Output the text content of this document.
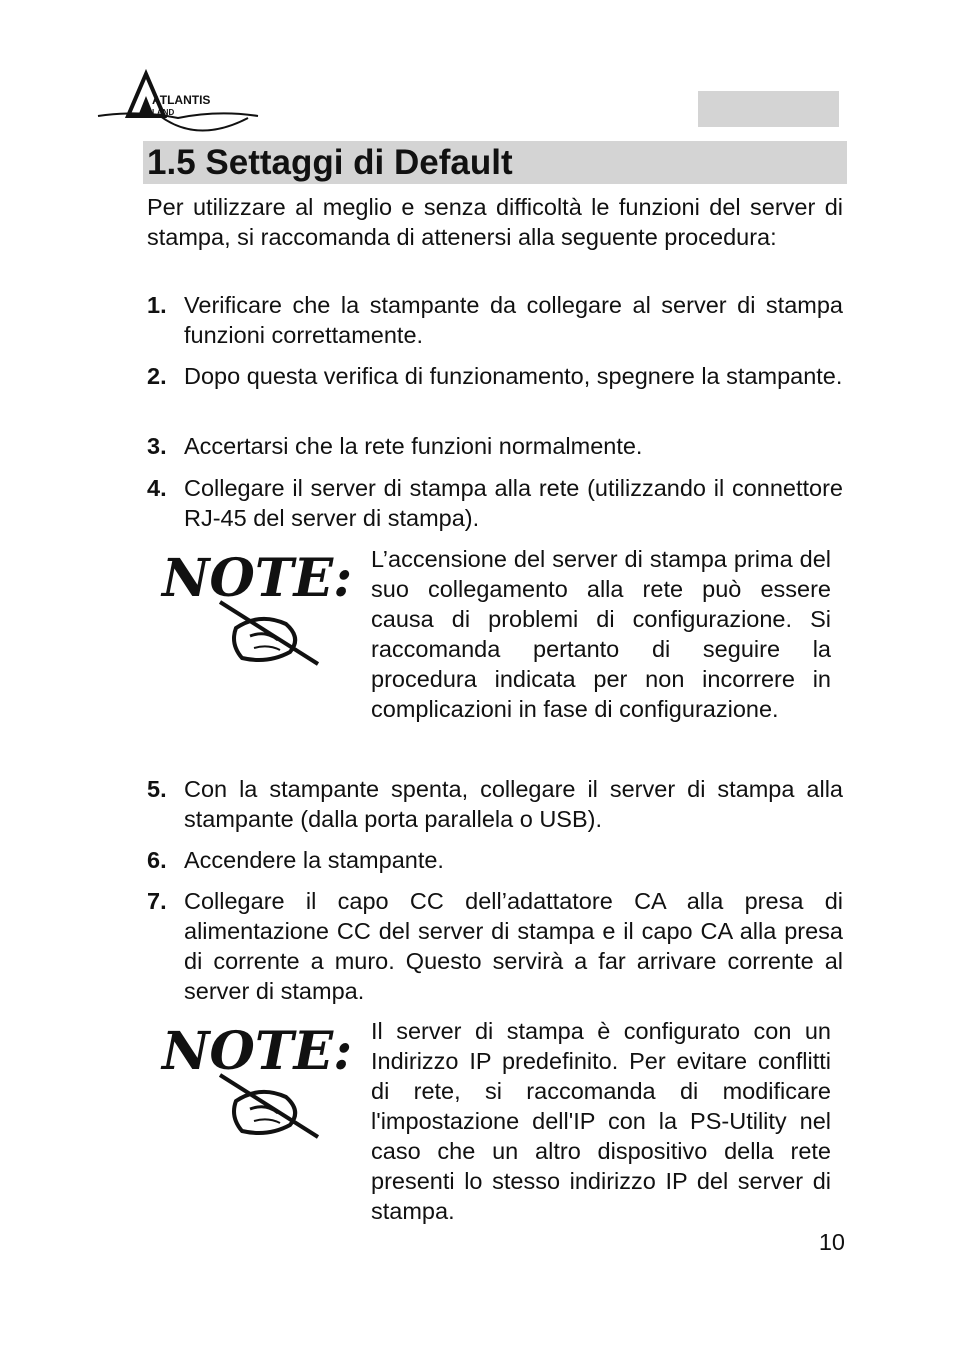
ATLANTIS
LAND
1.5 Settaggi di Default
Per utilizzare al meglio e senza difficoltà le funzioni del server di stampa, si raccomanda di attenersi alla seguente procedura:
1. Verificare che la stampante da collegare al server di stampa funzioni correttamente.
2. Dopo questa verifica di funzionamento, spegnere la stampante.
3. Accertarsi che la rete funzioni normalmente.
4. Collegare il server di stampa alla rete (utilizzando il connettore RJ-45 del server di stampa).
NOTE: L’accensione del server di stampa prima del suo collegamento alla rete può essere causa di problemi di configurazione. Si raccomanda pertanto di seguire la procedura indicata per non incorrere in complicazioni in fase di configurazione.
5. Con la stampante spenta, collegare il server di stampa alla stampante (dalla porta parallela o USB).
6. Accendere la stampante.
7. Collegare il capo CC dell’adattatore CA alla presa di alimentazione CC del server di stampa e il capo CA alla presa di corrente a muro. Questo servirà a far arrivare corrente al server di stampa.
NOTE: Il server di stampa è configurato con un Indirizzo IP predefinito. Per evitare conflitti di rete, si raccomanda di modificare l'impostazione dell'IP con la PS-Utility nel caso che un altro dispositivo della rete presenti lo stesso indirizzo IP del server di stampa.
10
